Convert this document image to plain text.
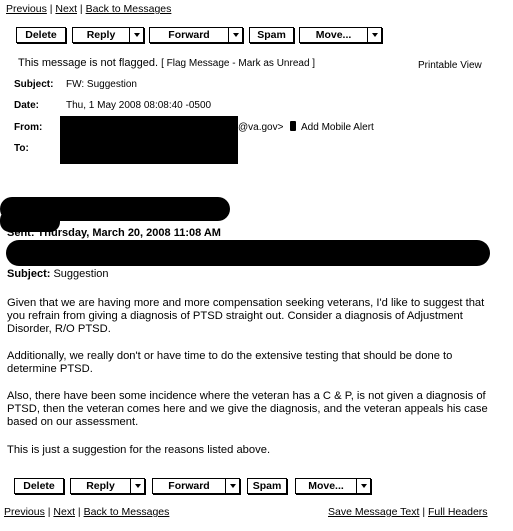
Previous | Next | Back to Messages
Delete	Reply	Forward	Spam	Move...
This message is not flagged. [ Flag Message - Mark as Unread ]	Printable View
Subject: FW: Suggestion
Date:	Thu, 1 May 2008 08:08:40 -0500
From:	@va.gov> Add Mobile Alert
To:
Sent: Thursday, March 20, 2008 11:08 AM
Subject: Suggestion
Given that we are having more and more compensation seeking veterans, I'd like to suggest that you refrain from giving a diagnosis of PTSD straight out. Consider a diagnosis of Adjustment Disorder, R/O PTSD.
Additionally, we really don't or have time to do the extensive testing that should be done to determine PTSD.
Also, there have been some incidence where the veteran has a C & P, is not given a diagnosis of PTSD, then the veteran comes here and we give the diagnosis, and the veteran appeals his case based on our assessment.
This is just a suggestion for the reasons listed above.
Delete	Reply	Forward	Spam	Move...
Previous | Next | Back to Messages	Save Message Text | Full Headers
